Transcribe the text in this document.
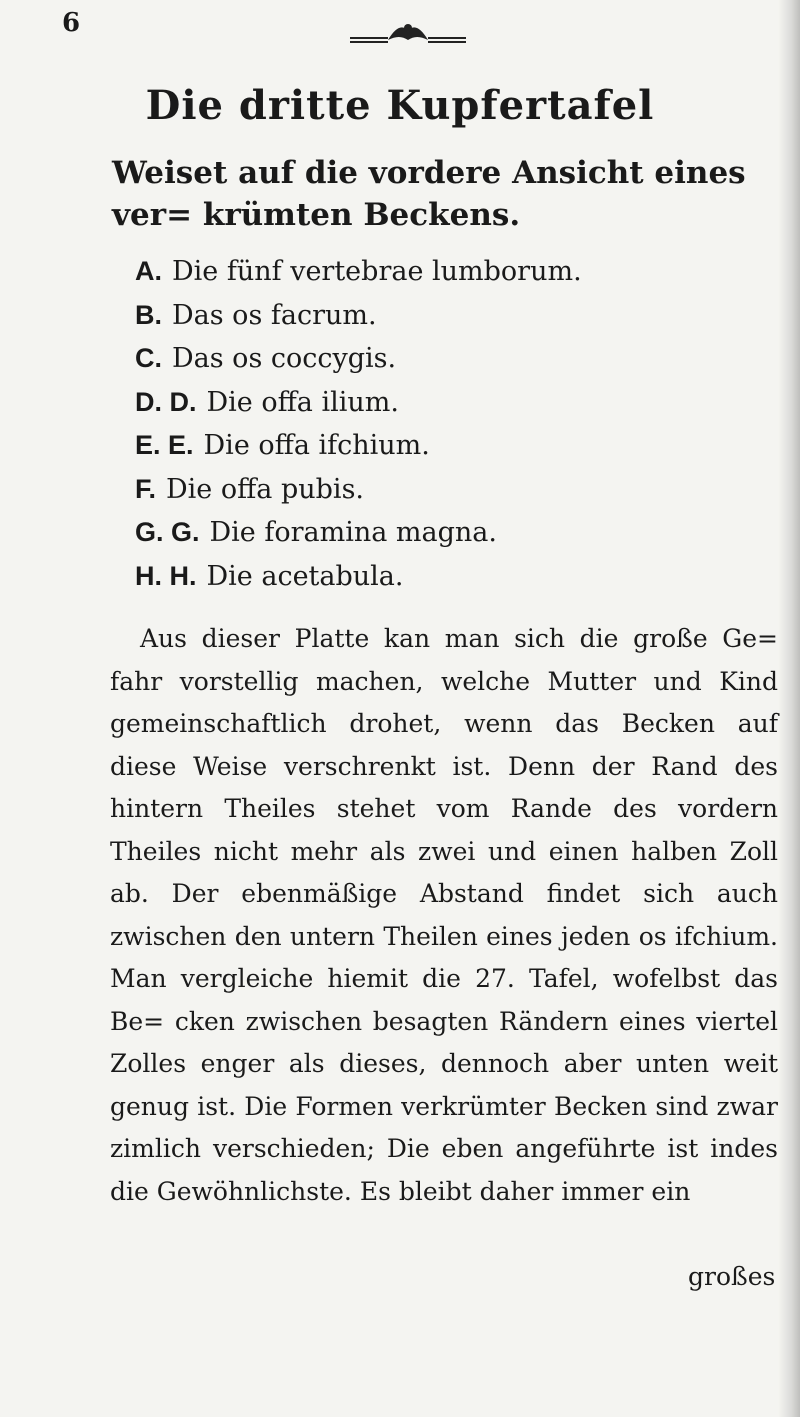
6
Die dritte Kupfertafel
Weiset auf die vordere Ansicht eines ver= krümten Beckens.
A. Die fünf vertebrae lumborum.
B. Das os facrum.
C. Das os coccygis.
D. D. Die offa ilium.
E. E. Die offa ifchium.
F. Die offa pubis.
G. G. Die foramina magna.
H. H. Die acetabula.

Aus dieser Platte kan man sich die große Ge= fahr vorstellig machen, welche Mutter und Kind gemeinschaftlich drohet, wenn das Becken auf diese Weise verschrenkt ist. Denn der Rand des hintern Theiles stehet vom Rande des vordern Theiles nicht mehr als zwei und einen halben Zoll ab. Der ebenmäßige Abstand findet sich auch zwischen den untern Theilen eines jeden os ifchium. Man vergleiche hiemit die 27. Tafel, wofelbst das Be= cken zwischen besagten Rändern eines viertel Zolles enger als dieses, dennoch aber unten weit genug ist. Die Formen verkrümter Becken sind zwar zimlich verschieden; Die eben angeführte ist indes die Gewöhnlichste. Es bleibt daher immer ein

großes
